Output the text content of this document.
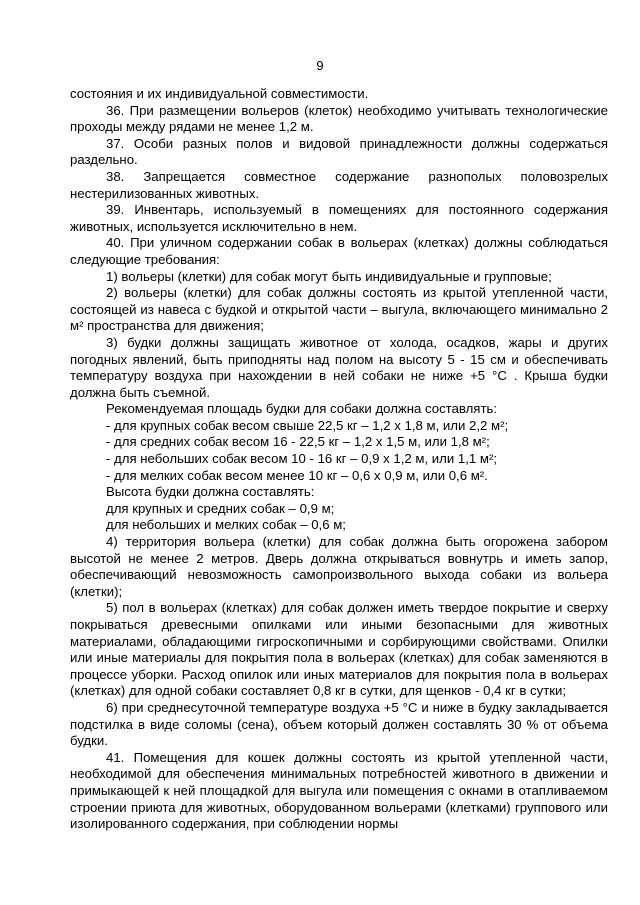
9

состояния и их индивидуальной совместимости.

36. При размещении вольеров (клеток) необходимо учитывать технологические проходы между рядами не менее 1,2 м.

37. Особи разных полов и видовой принадлежности должны содержаться раздельно.

38. Запрещается совместное содержание разнополых половозрелых нестерилизованных животных.

39. Инвентарь, используемый в помещениях для постоянного содержания животных, используется исключительно в нем.

40. При уличном содержании собак в вольерах (клетках) должны соблюдаться следующие требования:

1) вольеры (клетки) для собак могут быть индивидуальные и групповые;

2) вольеры (клетки) для собак должны состоять из крытой утепленной части, состоящей из навеса с будкой и открытой части – выгула, включающего минимально 2 м² пространства для движения;

3) будки должны защищать животное от холода, осадков, жары и других погодных явлений, быть приподняты над полом на высоту 5 - 15 см и обеспечивать температуру воздуха при нахождении в ней собаки не ниже +5 °С . Крыша будки должна быть съемной.

Рекомендуемая площадь будки для собаки должна составлять:

- для крупных собак весом свыше 22,5 кг – 1,2 х 1,8 м, или 2,2 м²;

- для средних собак весом 16 - 22,5 кг – 1,2 х 1,5 м, или 1,8 м²;

- для небольших собак весом 10 - 16 кг – 0,9 х 1,2 м, или 1,1 м²;

- для мелких собак весом менее 10 кг – 0,6 х 0,9 м, или 0,6 м².

Высота будки должна составлять:

для крупных и средних собак – 0,9 м;

для небольших и мелких собак – 0,6 м;

4) территория вольера (клетки) для собак должна быть огорожена забором высотой не менее 2 метров. Дверь должна открываться вовнутрь и иметь запор, обеспечивающий невозможность самопроизвольного выхода собаки из вольера (клетки);

5) пол в вольерах (клетках) для собак должен иметь твердое покрытие и сверху покрываться древесными опилками или иными безопасными для животных материалами, обладающими гигроскопичными и сорбирующими свойствами. Опилки или иные материалы для покрытия пола в вольерах (клетках) для собак заменяются в процессе уборки. Расход опилок или иных материалов для покрытия пола в вольерах (клетках) для одной собаки составляет 0,8 кг в сутки, для щенков - 0,4 кг в сутки;

6) при среднесуточной температуре воздуха +5 °С и ниже в будку закладывается подстилка в виде соломы (сена), объем который должен составлять 30 % от объема будки.

41. Помещения для кошек должны состоять из крытой утепленной части, необходимой для обеспечения минимальных потребностей животного в движении и примыкающей к ней площадкой для выгула или помещения с окнами в отапливаемом строении приюта для животных, оборудованном вольерами (клетками) группового или изолированного содержания, при соблюдении нормы
